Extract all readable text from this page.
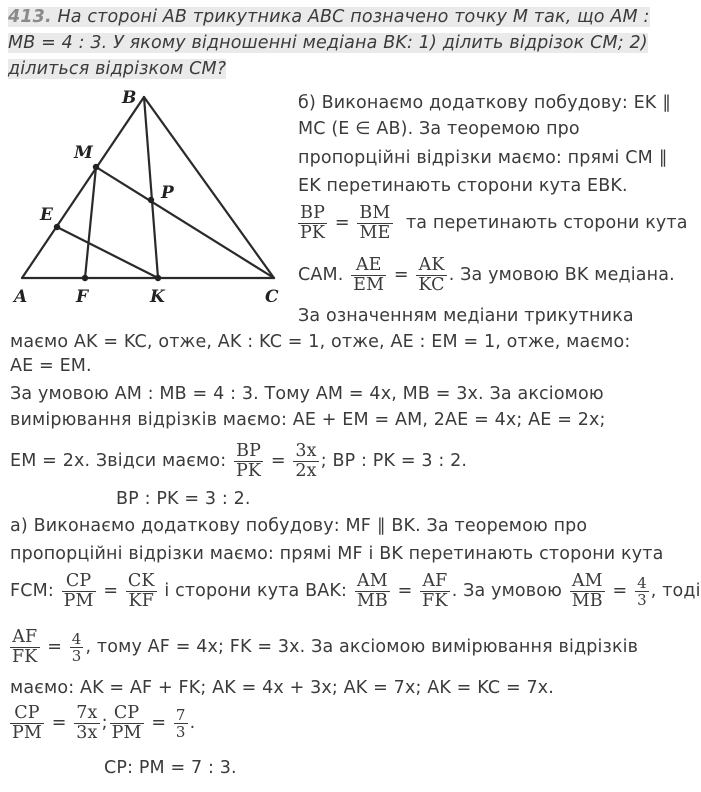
413. На стороні AB трикутника ABC позначено точку M так, що AM :
MB = 4 : 3. У якому відношенні медіана BK: 1) ділить відрізок CM; 2)
ділиться відрізком CM?
B
M
E
P
A	F	K	C
б) Виконаємо додаткову побудову: EK ∥
MC (E ∈ AB). За теоремою про
пропорційні відрізки маємо: прямі CM ∥
EK перетинають сторони кута EBK.
$\frac{BP}{PK} = \frac{BM}{ME}$ та перетинають сторони кута
CAM. $\frac{AE}{EM} = \frac{AK}{KC}$ . За умовою BK медіана.
За означенням медіани трикутника
маємо AK = KC, отже, AK : KC = 1, отже, AE : EM = 1, отже, маємо:
AE = EM.
За умовою AM : MB = 4 : 3. Тому AM = 4x, MB = 3x. За аксіомою
вимірювання відрізків маємо: AE + EM = AM, 2AE = 4x; AE = 2x;
EM = 2x. Звідси маємо: $\frac{BP}{PK} = \frac{3x}{2x}$ ; BP : PK = 3 : 2.
BP : PK = 3 : 2.
а) Виконаємо додаткову побудову: MF ∥ BK. За теоремою про
пропорційні відрізки маємо: прямі MF і BK перетинають сторони кута
FCM: $\frac{CP}{PM} = \frac{CK}{KF}$ і сторони кута BAK: $\frac{AM}{MB} = \frac{AF}{FK}$ . За умовою $\frac{AM}{MB} = \frac{4}{3}$ , тоді
$\frac{AF}{FK} = \frac{4}{3}$ , тому AF = 4x; FK = 3x. За аксіомою вимірювання відрізків
маємо: AK = AF + FK; AK = 4x + 3x; AK = 7x; AK = KC = 7x.
$\frac{CP}{PM} = \frac{7x}{3x}$ ; $\frac{CP}{PM} = \frac{7}{3}$ .
CP: PM = 7 : 3.
